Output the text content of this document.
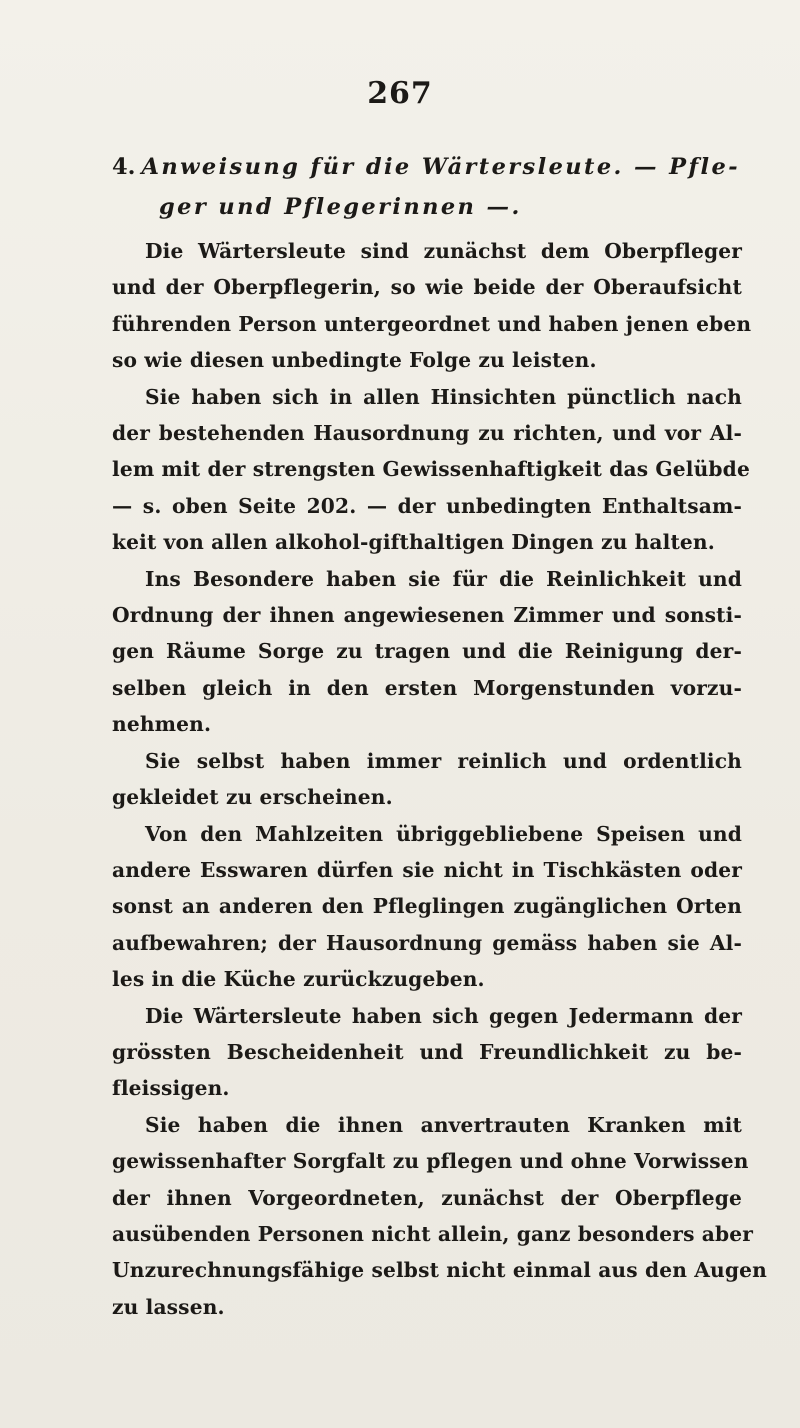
267
4. Anweisung für die Wärtersleute. — Pfle-
ger und Pflegerinnen —.
Die Wärtersleute sind zunächst dem Oberpfleger
und der Oberpflegerin, so wie beide der Oberaufsicht
führenden Person untergeordnet und haben jenen eben
so wie diesen unbedingte Folge zu leisten.
Sie haben sich in allen Hinsichten pünctlich nach
der bestehenden Hausordnung zu richten, und vor Al-
lem mit der strengsten Gewissenhaftigkeit das Gelübde
— s. oben Seite 202. — der unbedingten Enthaltsam-
keit von allen alkohol-gifthaltigen Dingen zu halten.
Ins Besondere haben sie für die Reinlichkeit und
Ordnung der ihnen angewiesenen Zimmer und sonsti-
gen Räume Sorge zu tragen und die Reinigung der-
selben gleich in den ersten Morgenstunden vorzu-
nehmen.
Sie selbst haben immer reinlich und ordentlich
gekleidet zu erscheinen.
Von den Mahlzeiten übriggebliebene Speisen und
andere Esswaren dürfen sie nicht in Tischkästen oder
sonst an anderen den Pfleglingen zugänglichen Orten
aufbewahren; der Hausordnung gemäss haben sie Al-
les in die Küche zurückzugeben.
Die Wärtersleute haben sich gegen Jedermann der
grössten Bescheidenheit und Freundlichkeit zu be-
fleissigen.
Sie haben die ihnen anvertrauten Kranken mit
gewissenhafter Sorgfalt zu pflegen und ohne Vorwissen
der ihnen Vorgeordneten, zunächst der Oberpflege
ausübenden Personen nicht allein, ganz besonders aber
Unzurechnungsfähige selbst nicht einmal aus den Augen
zu lassen.
